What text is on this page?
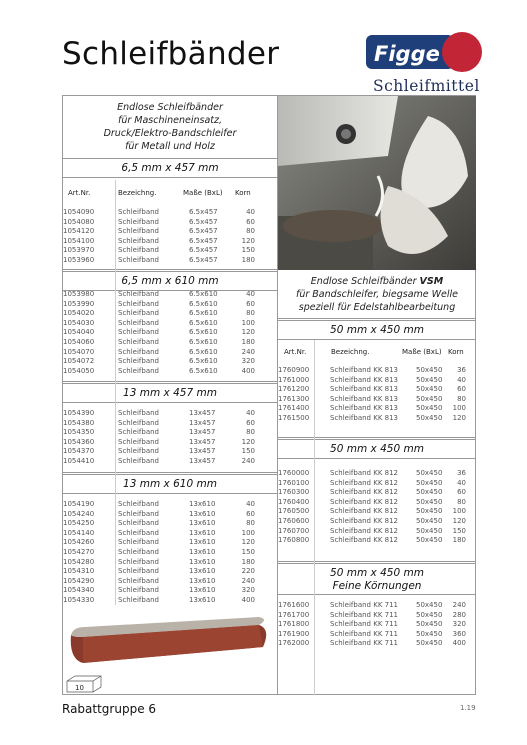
Schleifbänder	Figge
Schleifmittel
Endlose Schleifbänder
für Maschineneinsatz,
Druck/Elektro-Bandschleifer
für Metall und Holz
Art.Nr.	Bezeichng.	Maße (BxL) Korn
6,5 mm x 457 mm
1054090	Schleifband	6.5x457	40
1054080	Schleifband	6.5x457	60
1054120	Schleifband	6.5x457	80
1054100	Schleifband	6.5x457	120
1053970	Schleifband	6.5x457	150
1053960	Schleifband	6.5x457	180
6,5 mm x 610 mm
1053980	Schleifband	6.5x610	40
1053990	Schleifband	6.5x610	60
1054020	Schleifband	6.5x610	80
1054030	Schleifband	6.5x610	100
1054040	Schleifband	6.5x610	120
1054060	Schleifband	6.5x610	180
1054070	Schleifband	6.5x610	240
1054072	Schleifband	6.5x610	320
1054050	Schleifband	6.5x610	400
13 mm x 457 mm
1054390	Schleifband	13x457	40
1054380	Schleifband	13x457	60
1054350	Schleifband	13x457	80
1054360	Schleifband	13x457	120
1054370	Schleifband	13x457	150
1054410	Schleifband	13x457	240
13 mm x 610 mm
1054190	Schleifband	13x610	40
1054240	Schleifband	13x610	60
1054250	Schleifband	13x610	80
1054140	Schleifband	13x610	100
1054260	Schleifband	13x610	120
1054270	Schleifband	13x610	150
1054280	Schleifband	13x610	180
1054310	Schleifband	13x610	220
1054290	Schleifband	13x610	240
1054340	Schleifband	13x610	320
1054330	Schleifband	13x610	400
Endlose Schleifbänder VSM
für Bandschleifer, biegsame Welle
speziell für Edelstahlbearbeitung
Art.Nr.	Bezeichng.	Maße (BxL) Korn
50 mm x 450 mm
1760900	Schleifband KK 813	50x450 36
1761000	Schleifband KK 813	50x450 40
1761200	Schleifband KK 813	50x450 60
1761300	Schleifband KK 813	50x450 80
1761400	Schleifband KK 813	50x450 100
1761500	Schleifband KK 813	50x450 120
50 mm x 450 mm
1760000	Schleifband KK 812	50x450 36
1760100	Schleifband KK 812	50x450 40
1760300	Schleifband KK 812	50x450 60
1760400	Schleifband KK 812	50x450 80
1760500	Schleifband KK 812	50x450 100
1760600	Schleifband KK 812	50x450 120
1760700	Schleifband KK 812	50x450 150
1760800	Schleifband KK 812	50x450 180
50 mm x 450 mm
Feine Körnungen
1761600	Schleifband KK 711	50x450 240
1761700	Schleifband KK 711	50x450 280
1761800	Schleifband KK 711	50x450 320
1761900	Schleifband KK 711	50x450 360
1762000	Schleifband KK 711	50x450 400
10
Rabattgruppe 6	1.19
